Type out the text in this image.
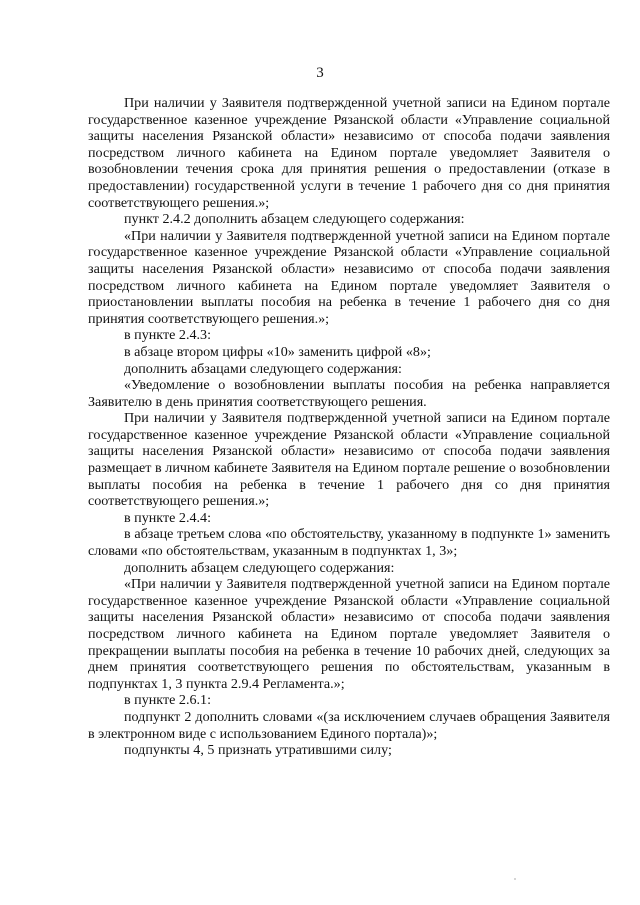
3

При наличии у Заявителя подтвержденной учетной записи на Едином портале государственное казенное учреждение Рязанской области «Управление социальной защиты населения Рязанской области» независимо от способа подачи заявления посредством личного кабинета на Едином портале уведомляет Заявителя о возобновлении течения срока для принятия решения о предоставлении (отказе в предоставлении) государственной услуги в течение 1 рабочего дня со дня принятия соответствующего решения.»;

пункт 2.4.2 дополнить абзацем следующего содержания:

«При наличии у Заявителя подтвержденной учетной записи на Едином портале государственное казенное учреждение Рязанской области «Управление социальной защиты населения Рязанской области» независимо от способа подачи заявления посредством личного кабинета на Едином портале уведомляет Заявителя о приостановлении выплаты пособия на ребенка в течение 1 рабочего дня со дня принятия соответствующего решения.»;

в пункте 2.4.3:

в абзаце втором цифры «10» заменить цифрой «8»;

дополнить абзацами следующего содержания:

«Уведомление о возобновлении выплаты пособия на ребенка направляется Заявителю в день принятия соответствующего решения.

При наличии у Заявителя подтвержденной учетной записи на Едином портале государственное казенное учреждение Рязанской области «Управление социальной защиты населения Рязанской области» независимо от способа подачи заявления размещает в личном кабинете Заявителя на Едином портале решение о возобновлении выплаты пособия на ребенка в течение 1 рабочего дня со дня принятия соответствующего решения.»;

в пункте 2.4.4:

в абзаце третьем слова «по обстоятельству, указанному в подпункте 1» заменить словами «по обстоятельствам, указанным в подпунктах 1, 3»;

дополнить абзацем следующего содержания:

«При наличии у Заявителя подтвержденной учетной записи на Едином портале государственное казенное учреждение Рязанской области «Управление социальной защиты населения Рязанской области» независимо от способа подачи заявления посредством личного кабинета на Едином портале уведомляет Заявителя о прекращении выплаты пособия на ребенка в течение 10 рабочих дней, следующих за днем принятия соответствующего решения по обстоятельствам, указанным в подпунктах 1, 3 пункта 2.9.4 Регламента.»;

в пункте 2.6.1:

подпункт 2 дополнить словами «(за исключением случаев обращения Заявителя в электронном виде с использованием Единого портала)»;

подпункты 4, 5 признать утратившими силу;
